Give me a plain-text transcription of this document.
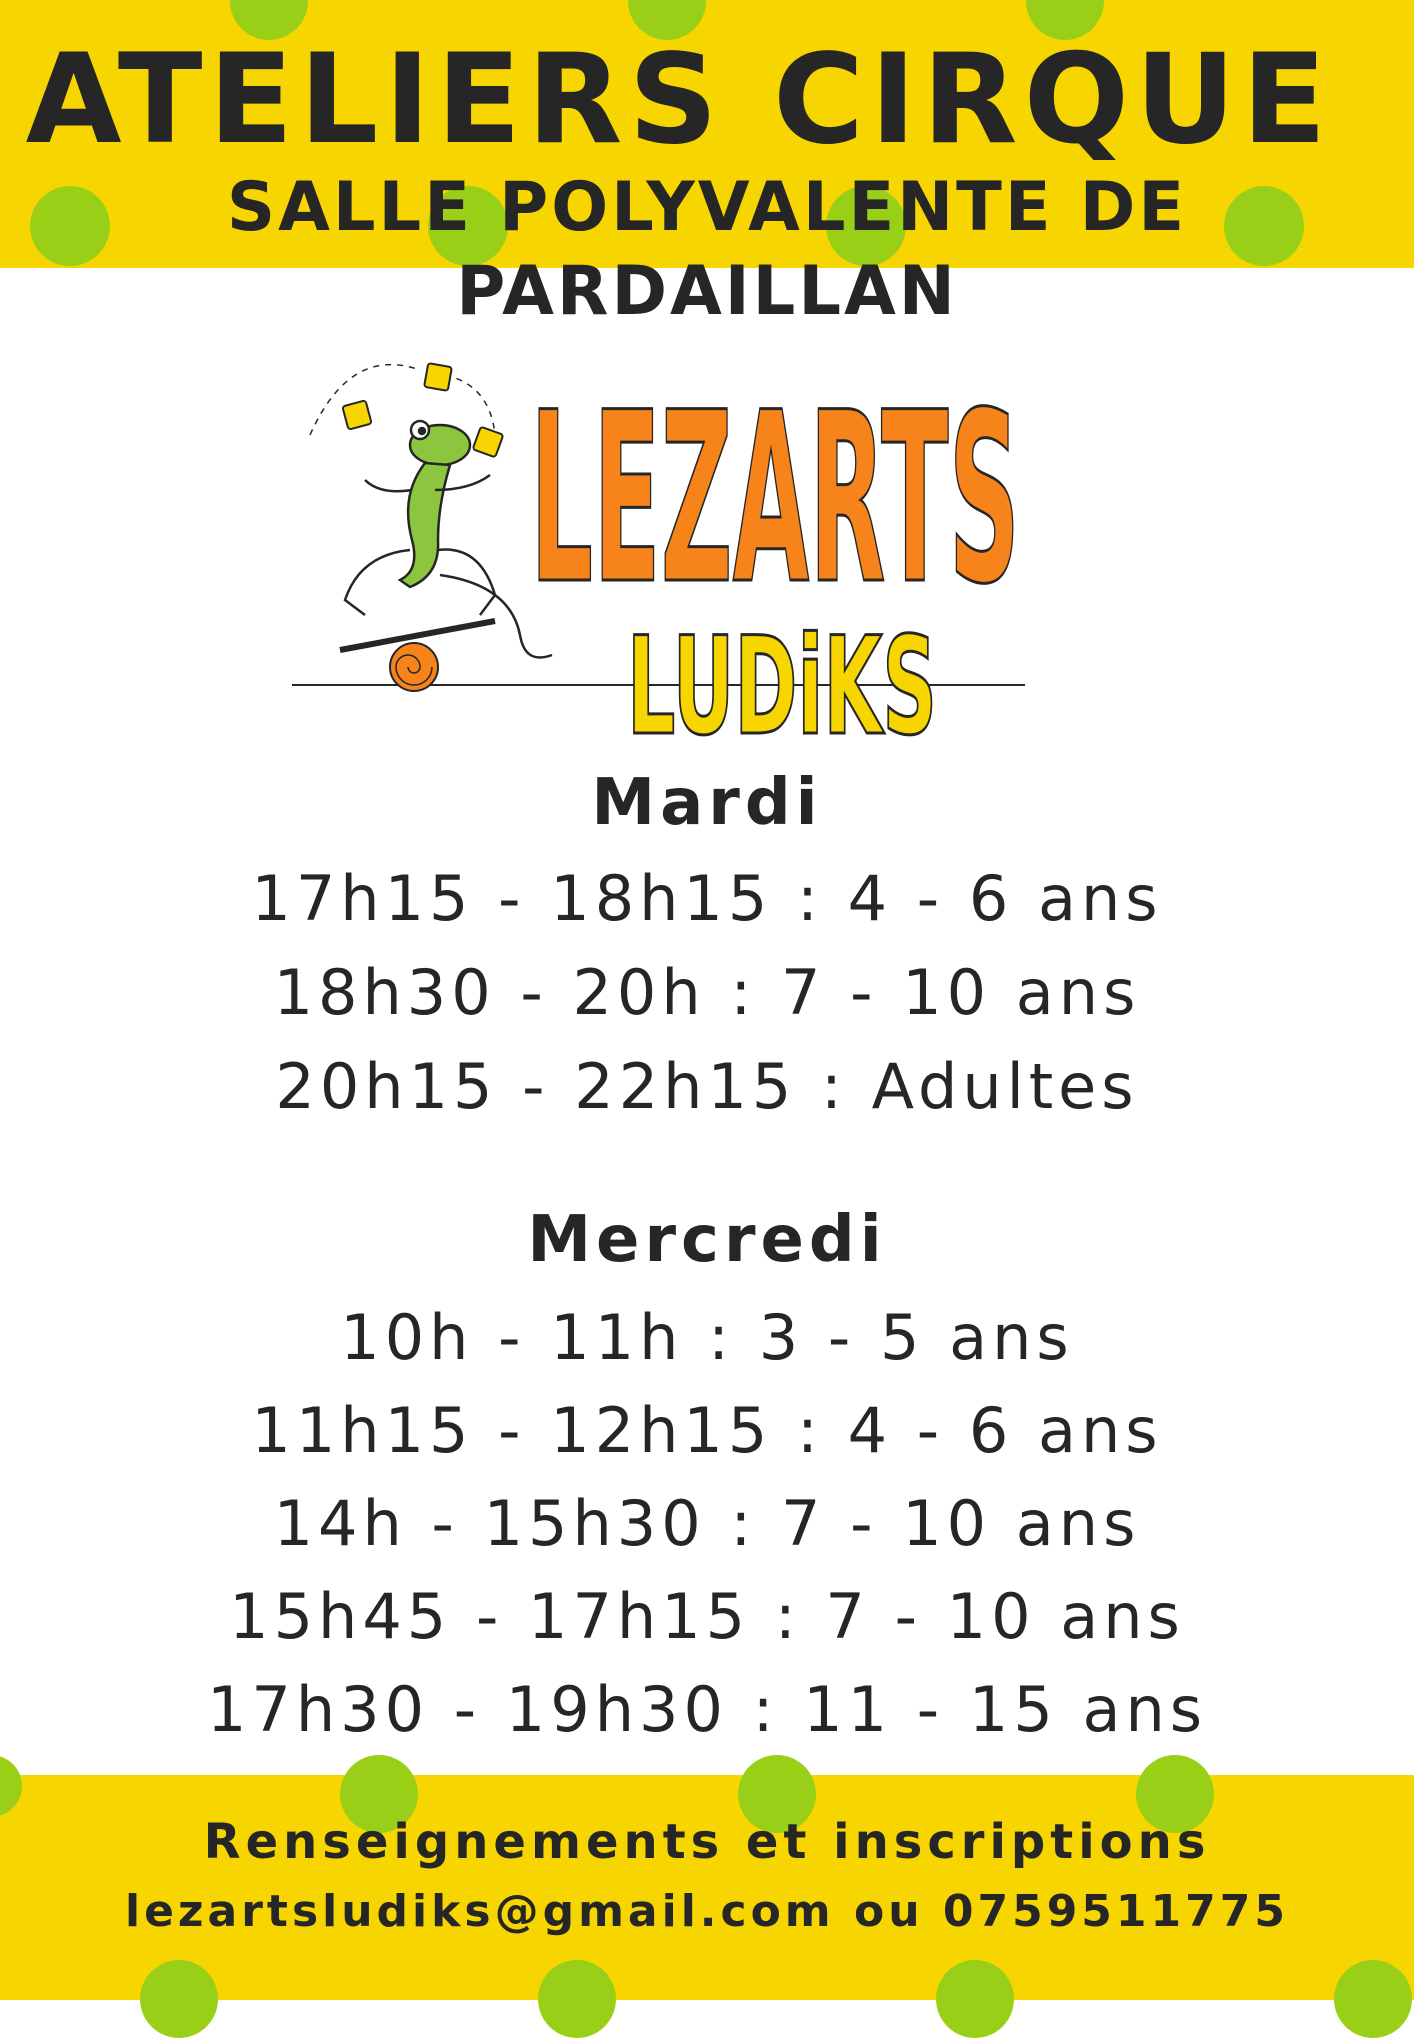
ATELIERS CIRQUE
SALLE POLYVALENTE DE PARDAILLAN
LEZARTS
LUDiKS
Mardi
17h15 - 18h15 : 4 - 6 ans
18h30 - 20h : 7 - 10 ans
20h15 - 22h15 : Adultes
Mercredi
10h - 11h : 3 - 5 ans
11h15 - 12h15 : 4 - 6 ans
14h - 15h30 : 7 - 10 ans
15h45 - 17h15 : 7 - 10 ans
17h30 - 19h30 : 11 - 15 ans
Renseignements et inscriptions
lezartsludiks@gmail.com ou 0759511775
